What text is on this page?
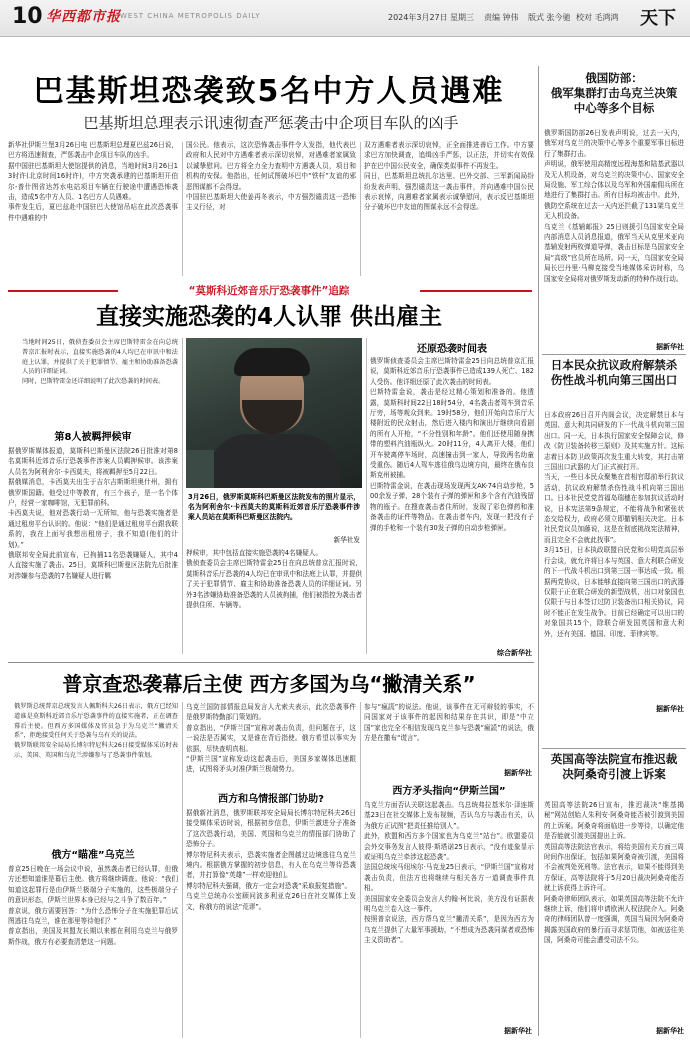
10 华西都市报 WEST CHINA METROPOLIS DAILY	2024年3月27日 星期三 责编 钟伟 版式 张今驰 校对 毛鸿鸿	天下
巴基斯坦恐袭致5名中方人员遇难
巴基斯坦总理表示讯速彻查严惩袭击中企项目车队的凶手
新华社伊斯兰堡3月26日电 巴基斯坦总理夏巴兹26日说，巴方将迅速彻查，严惩袭击中企项目车队的凶手。
据中国驻巴基斯坦大使馆提供的消息，当地时间3月26日13时许(北京时间16时许)，中方突袭承建的巴基斯坦开伯尔-普什图省达苏水电站项目车辆在行驶途中遭遇恐怖袭击，造成5名中方人员、1名巴方人员遇难。
事件发生后，夏巴兹赴中国驻巴大使馆吊唁在此次恐袭事件中遇难的中
国公民。他表示，这次恐怖袭击事件令人发指，他代表巴政府和人民对中方遇难者表示深切哀悼，对遇难者家属致以诚挚慰问。巴方将全力全力查明中方遇袭人员，项目和机构的安保。他指出，任何试图破坏巴中“铁杆”友谊的邪恶图谋都不会得逞。
中国驻巴基斯坦大使姜再冬表示，中方强烈谴责这一恐怖主义行径，对
双方遇难者表示深切哀悼，正全面推进善后工作。中方要求巴方加快调查，追缉凶手严惩，以正法，并切实有效保护在巴中国公民安全，确保类似事件不再发生。
同日，巴基斯坦总统扎尔达里、巴外交部、三军新闻局纷纷发表声明，强烈谴责这一袭击事件，并向遇难中国公民表示哀悼，向遇难者家属表示诚挚慰问，表示反巴基斯坦分子破坏巴中友谊的图谋永远不会得逞。
俄国防部：
俄军集群打击乌克兰决策中心等多个目标
俄罗斯国防部26日发表声明说，过去一天内，俄军对乌克兰的决策中心等多个重要军事目标进行了集群打击。
声明说，俄军使用高精度远程海基和陆基武器以及无人机设备，对乌克兰的决策中心、国家安全局设施、军工综合体以及乌军和外国雇佣兵所在地进行了集群打击。所有目标均被击中。此外，俄防空系统在过去一天内还拦截了131架乌克兰无人机设备。
乌克兰《基辅邮报》25日则援引乌国家安全局内部消息人员消息报道，俄军当天从克里米亚向基辅发射两枚弹道导弹，袭击目标是乌国家安全局“高级”官员所在场所。同一天，乌国家安全局局长巴丹里·马柳克接受当地媒体采访时称，乌国家安全局将对俄罗斯发动新的特种作战行动。
据新华社
日本民众抗议政府解禁杀伤性战斗机向第三国出口
日本政府26日召开内阁会议，决定解禁日本与英国、意大利共同研发的下一代战斗机向第三国出口。同一天，日本执行国家安全保障会议，修改《防卫装备转移三原则》及其实施方针。这标志着日本防卫政策再次发生重大转变，其打击第三国出口武器的大门正式被打开。
当天，一些日本民众聚集在首相官邸前举行抗议活动，抗议政府解禁杀伤性战斗机向第三国出口。日本社民党党首福岛瑞穗在参加抗议活动时说，日本宪法第9条规定，不能将战争和紧张状态交给权力，政府必须立即撤销相关决定。日本社民党议员加藤说，这是在彻底挑战宪法精神，而且完全不会就此找事”。
3月15日，日本执政联盟自民党和公明党高层举行会谈，就允许将日本与英国、意大利联合研发的下一代战斗机出口到第三国一事达成一致。根据两党协议，日本能够直接向第三国出口的武器仅限于正在联合研发的新型战机，出口对象国也仅限于与日本签订过防卫装备出口相关协议，同时不能正在发生战争。目前已经确定可以出口的对象国共15个，除联合研发国英国和意大利外，还有美国、德国、印度、菲律宾等。
据新华社
英国高等法院宣布推迟裁决阿桑奇引渡上诉案
英国高等法院26日宣布，推迟裁决“维基揭秘”网站创始人朱利安·阿桑奇能否被引渡到美国的上诉案。阿桑奇将面临进一步等待，以确定他是否能就引渡美国提出上诉。
英国高等法院法官表示，将给美国有关方面三周时间作出保证，包括如果阿桑奇被引渡，美国将不会被判处死刑等。法官表示，如果不能得到美方保证，高等法院将于5月20日裁决阿桑奇能否就上诉获得上诉许可。
阿桑奇律师团队表示，如果英国高等法院不允许继续上诉，他们将申请欧洲人权法院介入。阿桑奇的律师团队曾一度强调，英国当局因为阿桑奇揭露美国政府的暴行而寻求惩罚他，如被送往美国，阿桑奇可能会遭受司法不公。
据新华社
“莫斯科近郊音乐厅恐袭事件”追踪
直接实施恐袭的4人认罪 供出雇主
当地时间25日，俄侦查委员会主席巴斯特雷金在向总统普京汇报时表示，直接实施恐袭的4人均已在审讯中和法庭上认罪，并提供了关于犯罪情节、雇主和协助准备恐袭人员的详细证词。
同时，巴斯特雷金还详细说明了此次恐袭的时间表。
第8人被羁押候审
据俄罗斯媒体报道，莫斯科巴斯曼区法院26日批准对第8名莫斯科近郊音乐厅恐袭事件涉案人员羁押候审。该涉案人员名为阿利舍尔·卡西莫夫，将被羁押至5月22日。
据俄媒消息，卡西莫夫出生于吉尔吉斯斯坦奥什州，拥有俄罗斯国籍。他受过中等教育，有三个孩子，是一名个体户，经营一家咖啡馆，无犯罪前科。
卡西莫夫说，他对恐袭行动一无所知，他与恐袭实施者是通过租房平台认识的。他说：“他们是通过租房平台跟我联系的，我在上面写我想出租房子，我不知道(他们的计划)。”
俄联邦安全局此前宣布，已拘捕11名恐袭嫌疑人，其中4人直接实施了袭击。25日，莫斯科巴斯曼区法院先后批准对涉嫌参与恐袭的7名嫌疑人进行羁
3月26日，俄罗斯莫斯科巴斯曼区法院发布的照片显示，名为阿利舍尔·卡西莫夫的莫斯科近郊音乐厅恐袭事件涉案人员站在莫斯科巴斯曼区法院内。
新华社发
押候审，其中包括直接实施恐袭的4名嫌疑人。
俄侦查委员会主席巴斯特雷金25日在向总统普京汇报时说，莫斯科音乐厅恐袭的4人均已在审讯中和法庭上认罪，并提供了关于犯罪情节、雇主和协助准备恐袭人员的详细证词。另外3名涉嫌协助准备恐袭的人员被拘捕，他们被指控为袭击者提供住所、车辆等。
还原恐袭时间表
俄罗斯侦查委员会主席巴斯特雷金25日向总统普京汇报说，莫斯科近郊音乐厅恐袭事件已造成139人死亡、182人受伤。他详细还原了此次袭击的时间表。
巴斯特雷金说，袭击是经过精心策划和准备的。他透露，莫斯科时间22日18时54分，4名袭击者驾车到音乐厅旁，场等观众到来。19时58分，他们开始向音乐厅大楼附近的民众射击，然后进入楼内和演出厅继续向看剧的所有人开枪，“不分性别和年龄”。他们还使用随身携带的塑料汽油瓶纵火。20时11分，4人离开大楼，他们开车驶离停车场时，高速撞击到一家人，导致两名幼童受重伤。随后4人驾车逃往俄乌边境方向，最终在俄布良斯克州被捕。
巴斯特雷金说，在袭击现场发现两支AK-74自动步枪，500余发子弹，28个装有子弹的弹匣和多个含有汽油残留物的瓶子。在搜查袭击者住所时，发现了彩色弹药和准备袭击的证件等物品。在袭击者车内，发现一把没有子弹的手枪和一个装有30发子弹的自动步枪弹匣。
综合新华社
普京查恐袭幕后主使 西方多国为乌“撇清关系”
俄罗斯总统普京总统发言人佩斯科夫26日表示，俄方已经知道谁是莫斯科近郊音乐厅恐袭事件的直接实施者，正在调查幕后主使。但西方多国媒体及官员急于为乌克兰“撇清关系”，拒绝接受任何关于恐袭与乌有关的说法。
俄罗斯联邦安全局局长博尔特尼科夫26日接受媒体采访时表示，美国、英国和乌克兰涉嫌参与了恐袭事件策划。
俄方“瞄准”乌克兰
普京25日晚在一场会议中说，虽然袭击者已经认罪，但俄方还想知道谁是幕后主使。俄方将继续调查。他说：“我们知道这起罪行是由伊斯兰极端分子实施的，这些极端分子的意识形态，伊斯兰世界本身已经与之斗争了数百年。”
普京说，俄方需要回答：“为什么恐怖分子在实施犯罪后试图逃往乌克兰，谁在那里等待他们？”
普京指出，美国及其盟友长期以来都在利用乌克兰与俄罗斯作战，俄方有必要查清楚这一问题。
乌克兰国防部情报总局发言人尤索夫表示，此次恐袭事件是俄罗斯特勤部门策划的。
普京指出，“伊斯兰国”宣称对袭击负责，但问题在于，这一说法是否属实，又是谁在背后指使。俄方希望以事实为依据，尽快查明真相。
“伊斯兰国”宣称发动这起袭击后，美国多家媒体迅速跟进，试图将矛头对准伊斯兰极端势力。
西方和乌情报部门协助?
据俄新社消息，俄罗斯联邦安全局局长博尔特尼科夫26日接受媒体采访时说，根据初步信息，伊斯兰激进分子准备了这次恐袭行动，美国、英国和乌克兰的情报部门协助了恐怖分子。
博尔特尼科夫表示，恐袭实施者企图越过边境逃往乌克兰境内。根据俄方掌握的初步信息，有人在乌克兰等待恐袭者，并打算像“英雄”一样欢迎他们。
博尔特尼科夫强调，俄方一定会对恐袭“采取报复措施”。
乌克兰总统办公室顾问波多利亚克26日在社交媒体上发文，称俄方的说法“荒谬”。
参与“瘋謊”的说法。他说，该事件在无可辩驳的事实，不同国家对于该事件的起因和结果存在共识，即是“中立国”家也完全不相信发现乌克兰参与恐袭“瘋謊”的说法，俄方是在撒布“谎言”。
据新华社
西方矛头指向“伊斯兰国”
乌克兰方面否认关联这起袭击。乌总统弗拉基米尔·泽连斯基23日在社交媒体上发布视频，否认乌方与袭击有关，认为俄方正试图“把责任推给别人”。
此外，欧盟和西方多个国家也为乌克兰“站台”。欧盟委员会外交事务发言人彼得·斯塔诺25日表示，“没有迹象显示或证明乌克兰牵涉这起恐袭”。
法国总统埃马纽埃尔·马克龙25日表示，“伊斯兰国”宣称对袭击负责，但法方也将继续与相关各方一道调查事件真相。
美国国家安全委员会发言人约翰·柯比说，美方没有证据表明乌克兰卷入这一事件。
按照普京说法，西方帮乌克兰“撇清关系”，是因为西方为乌克兰提供了大量军事援助，“不想成为恐袭同谋者或恐怖主义资助者”。
据新华社
